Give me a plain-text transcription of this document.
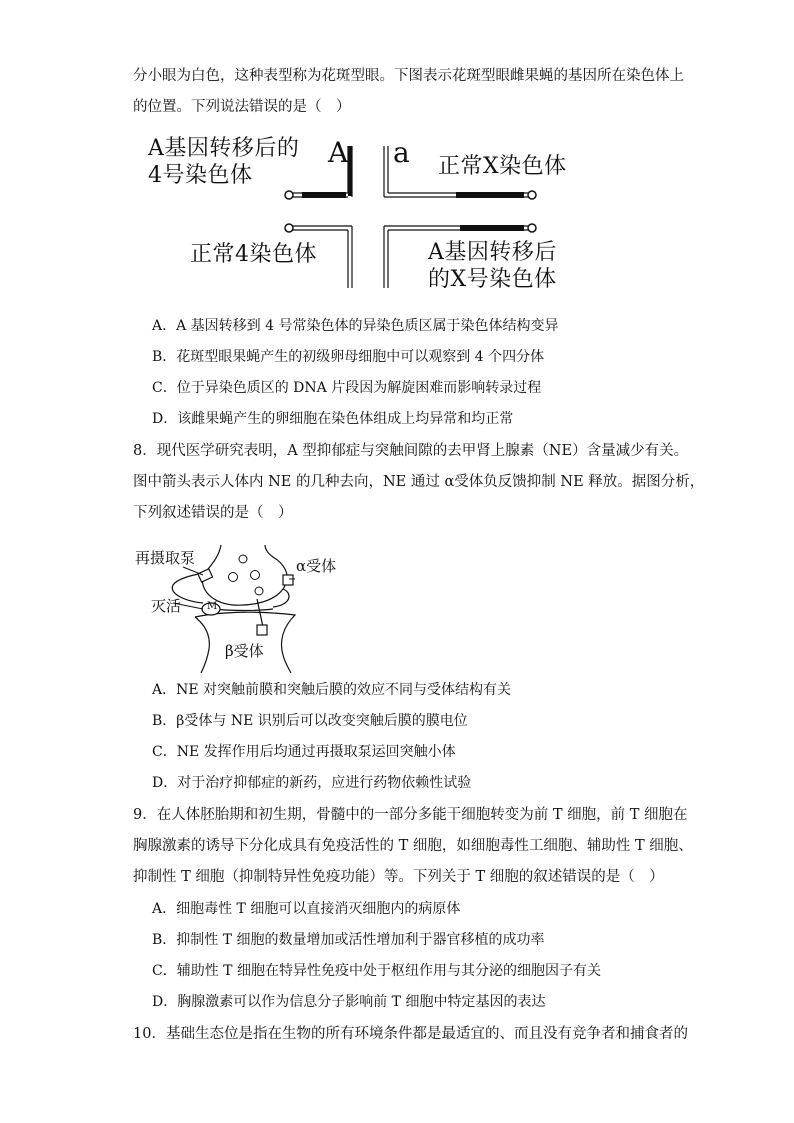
分小眼为白色，这种表型称为花斑型眼。下图表示花斑型眼雌果蝇的基因所在染色体上
的位置。下列说法错误的是（　）
A基因转移后的
4号染色体
A a 正常X染色体
正常4染色体	A基因转移后
的X号染色体
A．A 基因转移到 4 号常染色体的异染色质区属于染色体结构变异
B．花斑型眼果蝇产生的初级卵母细胞中可以观察到 4 个四分体
C．位于异染色质区的 DNA 片段因为解旋困难而影响转录过程
D．该雌果蝇产生的卵细胞在染色体组成上均异常和均正常
8．现代医学研究表明，A 型抑郁症与突触间隙的去甲肾上腺素（NE）含量减少有关。
图中箭头表示人体内 NE 的几种去向，NE 通过 α受体负反馈抑制 NE 释放。据图分析，
下列叙述错误的是（　）
再摄取泵	α受体
灭活	M
β受体
A．NE 对突触前膜和突触后膜的效应不同与受体结构有关
B．β受体与 NE 识别后可以改变突触后膜的膜电位
C．NE 发挥作用后均通过再摄取泵运回突触小体
D．对于治疗抑郁症的新药，应进行药物依赖性试验
9．在人体胚胎期和初生期，骨髓中的一部分多能干细胞转变为前 T 细胞，前 T 细胞在
胸腺激素的诱导下分化成具有免疫活性的 T 细胞，如细胞毒性工细胞、辅助性 T 细胞、
抑制性 T 细胞（抑制特异性免疫功能）等。下列关于 T 细胞的叙述错误的是（　）
A．细胞毒性 T 细胞可以直接消灭细胞内的病原体
B．抑制性 T 细胞的数量增加或活性增加利于器官移植的成功率
C．辅助性 T 细胞在特异性免疫中处于枢纽作用与其分泌的细胞因子有关
D．胸腺激素可以作为信息分子影响前 T 细胞中特定基因的表达
10．基础生态位是指在生物的所有环境条件都是最适宜的、而且没有竞争者和捕食者的
